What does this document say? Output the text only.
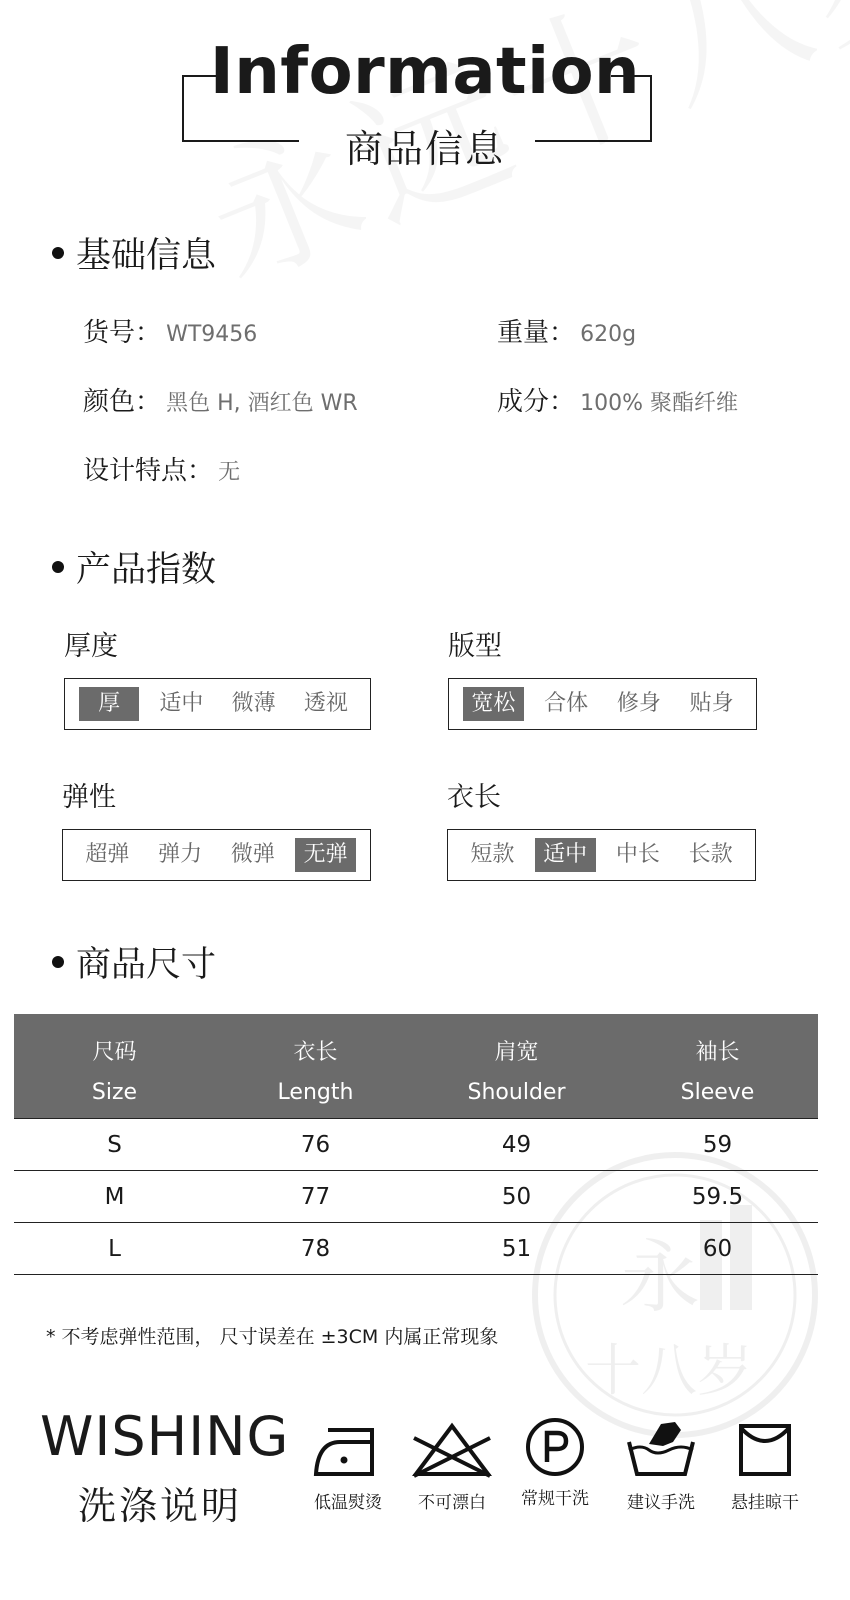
永
十八岁
Information
商品信息
基础信息
货号： WT9456	重量： 620g
颜色： 黑色 H, 酒红色 WR	成分： 100% 聚酯纤维
设计特点： 无
产品指数
厚度
厚	适中	微薄	透视
版型
宽松	合体	修身	贴身
弹性
超弹	弹力	微弹	无弹
衣长
短款	适中	中长	长款
商品尺寸
尺码	衣长	肩宽	袖长
Size	Length	Shoulder	Sleeve
S	76	49	59
M	77	50	59.5
L	78	51	60
* 不考虑弹性范围， 尺寸误差在 ±3CM 内属正常现象
WISHING
洗涤说明	低温熨烫	不可漂白	常规干洗	建议手洗	悬挂晾干
